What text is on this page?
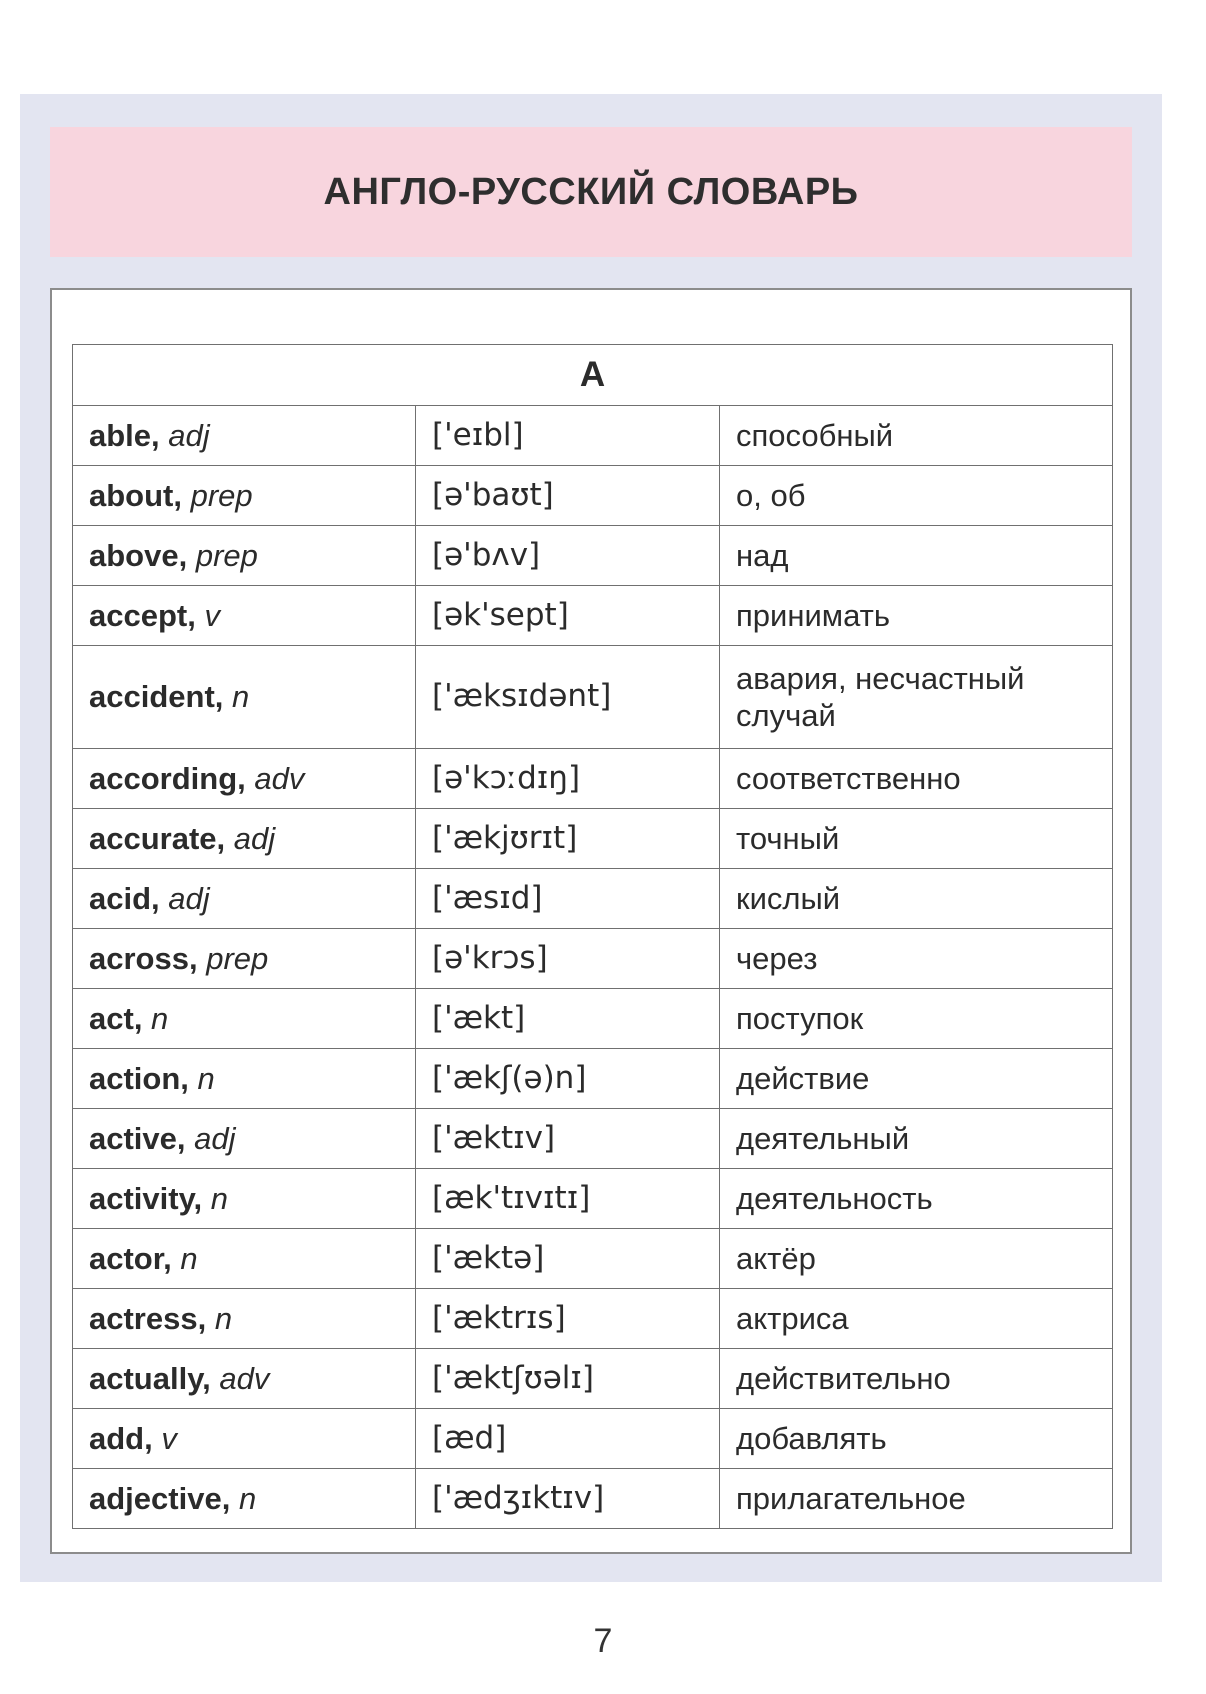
АНГЛО-РУССКИЙ СЛОВАРЬ
A		
able, adj	['eɪbl]	способный
about, prep	[ə'baʊt]	о, об
above, prep	[ə'bʌv]	над
accept, v	[ək'sept]	принимать
accident, n	['æksɪdənt]	авария, несчастный случай
according, adv	[ə'kɔːdɪŋ]	соответственно
accurate, adj	['ækjʊrɪt]	точный
acid, adj	['æsɪd]	кислый
across, prep	[ə'krɔs]	через
act, n	['ækt]	поступок
action, n	['ækʃ(ə)n]	действие
active, adj	['æktɪv]	деятельный
activity, n	[æk'tɪvɪtɪ]	деятельность
actor, n	['æktə]	актёр
actress, n	['æktrɪs]	актриса
actually, adv	['æktʃʊəlɪ]	действительно
add, v	[æd]	добавлять
adjective, n	['ædʒɪktɪv]	прилагательное
7
